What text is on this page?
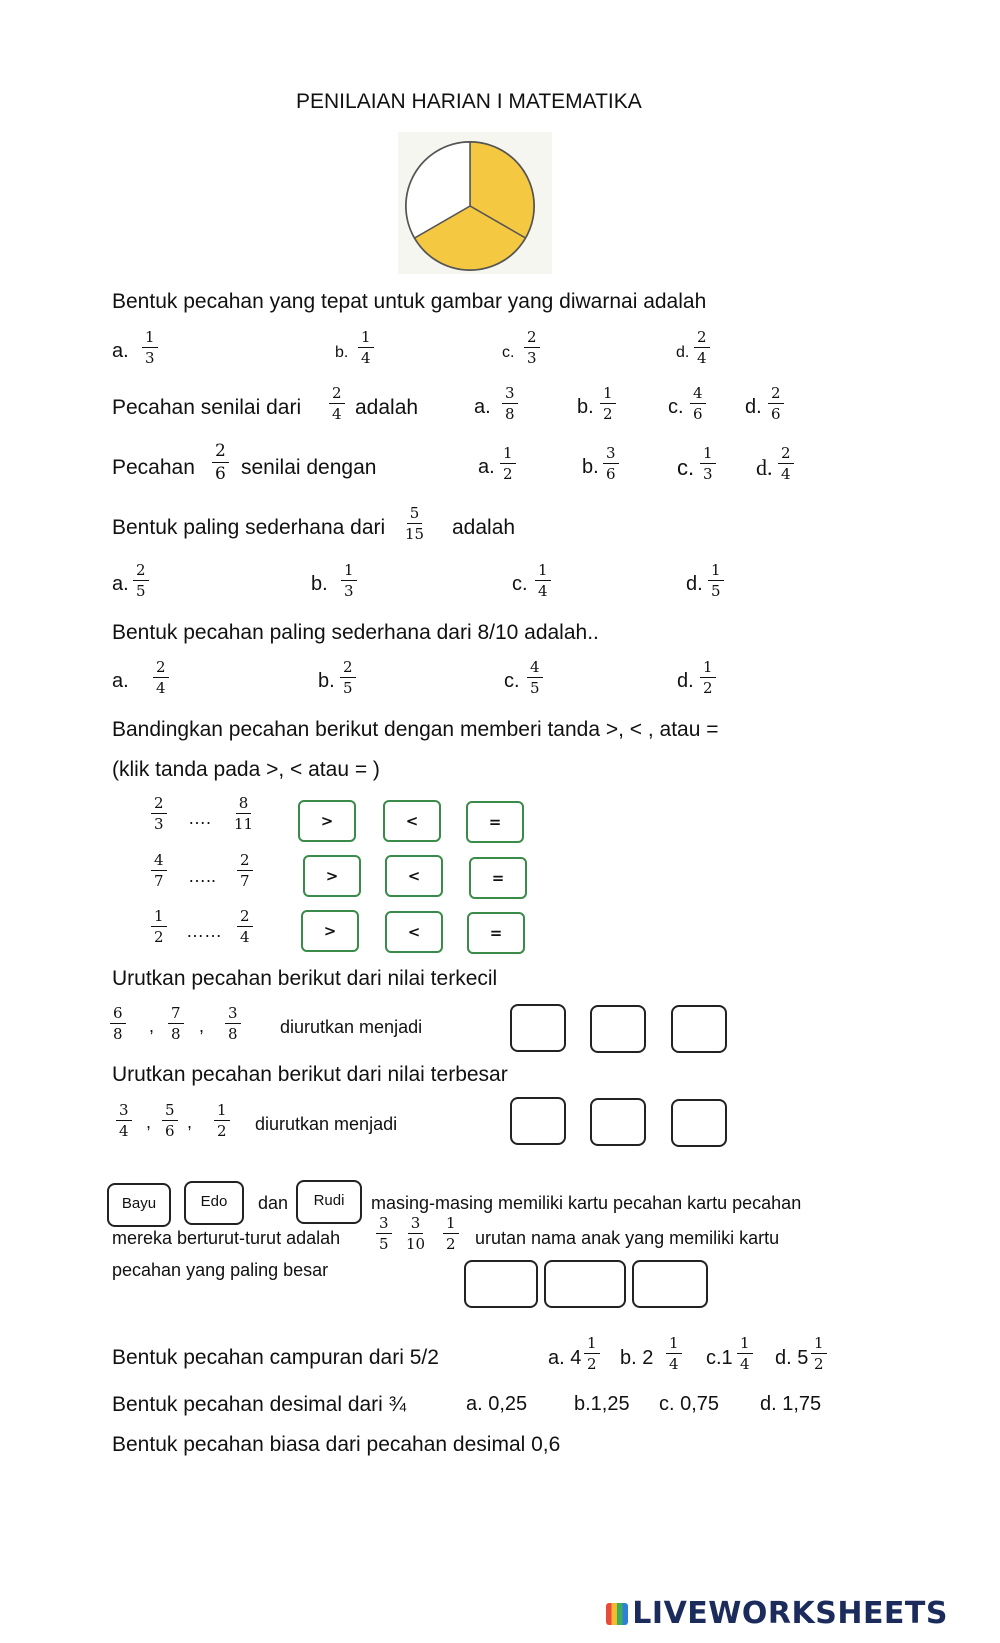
PENILAIAN HARIAN I MATEMATIKA
Bentuk pecahan yang tepat untuk gambar yang diwarnai adalah
a. $\frac{1}{3}$	b. $\frac{1}{4}$	c. $\frac{2}{3}$	d. $\frac{2}{4}$
Pecahan senilai dari $\frac{2}{4}$ adalah	a. $\frac{3}{8}$	b. $\frac{1}{2}$	c. $\frac{4}{6} d$. $\frac{2}{6}$
Pecahan $\frac{2}{6}$ senilai dengan	a. $\frac{1}{2}$	b. $\frac{3}{6}$	c. $\frac{1}{3} d$. $\frac{2}{4}$
Bentuk paling sederhana dari $\frac{5}{15}$ adalah
a. $\frac{2}{5}$	b. $\frac{1}{3}$	c. $\frac{1}{4}$	d. $\frac{1}{5}$
Bentuk pecahan paling sederhana dari 8/10 adalah..
a. $\frac{2}{4}$	b. $\frac{2}{5}$	c. $\frac{4}{5}$	d. $\frac{1}{2}$
Bandingkan pecahan berikut dengan memberi tanda >, < , atau =
(klik tanda pada >, < atau = )
$\frac{2}{3}$ …. $\frac{8}{11}$	>	<	=
$\frac{4}{7}$ ….. $\frac{2}{7}$	>	<	=
$\frac{1}{2}$ …… $\frac{2}{4}$	>	<	=
Urutkan pecahan berikut dari nilai terkecil
$\frac{6}{8}$ , $\frac{7}{8}$ , $\frac{3}{8}$ diurutkan menjadi
Urutkan pecahan berikut dari nilai terbesar
$\frac{3}{4}$ , $\frac{5}{6}$ , $\frac{1}{2}$ diurutkan menjadi
Bayu	Edo	dan	Rudi	masing-masing memiliki kartu pecahan kartu pecahan
mereka berturut-turut adalah $\frac{3}{5} \frac{3}{10} \frac{1}{2}$ urutan nama anak yang memiliki kartu
pecahan yang paling besar
Bentuk pecahan campuran dari 5/2	a. $4 \frac{1}{2} b$. $2 \frac{1}{4} c.1 \frac{1}{4} d$. $5 \frac{1}{2}$
Bentuk pecahan desimal dari ¾	a. 0,25 b.1,25 c. 0,75 d. 1,75
Bentuk pecahan biasa dari pecahan desimal 0,6
LIVEWORKSHEETS
